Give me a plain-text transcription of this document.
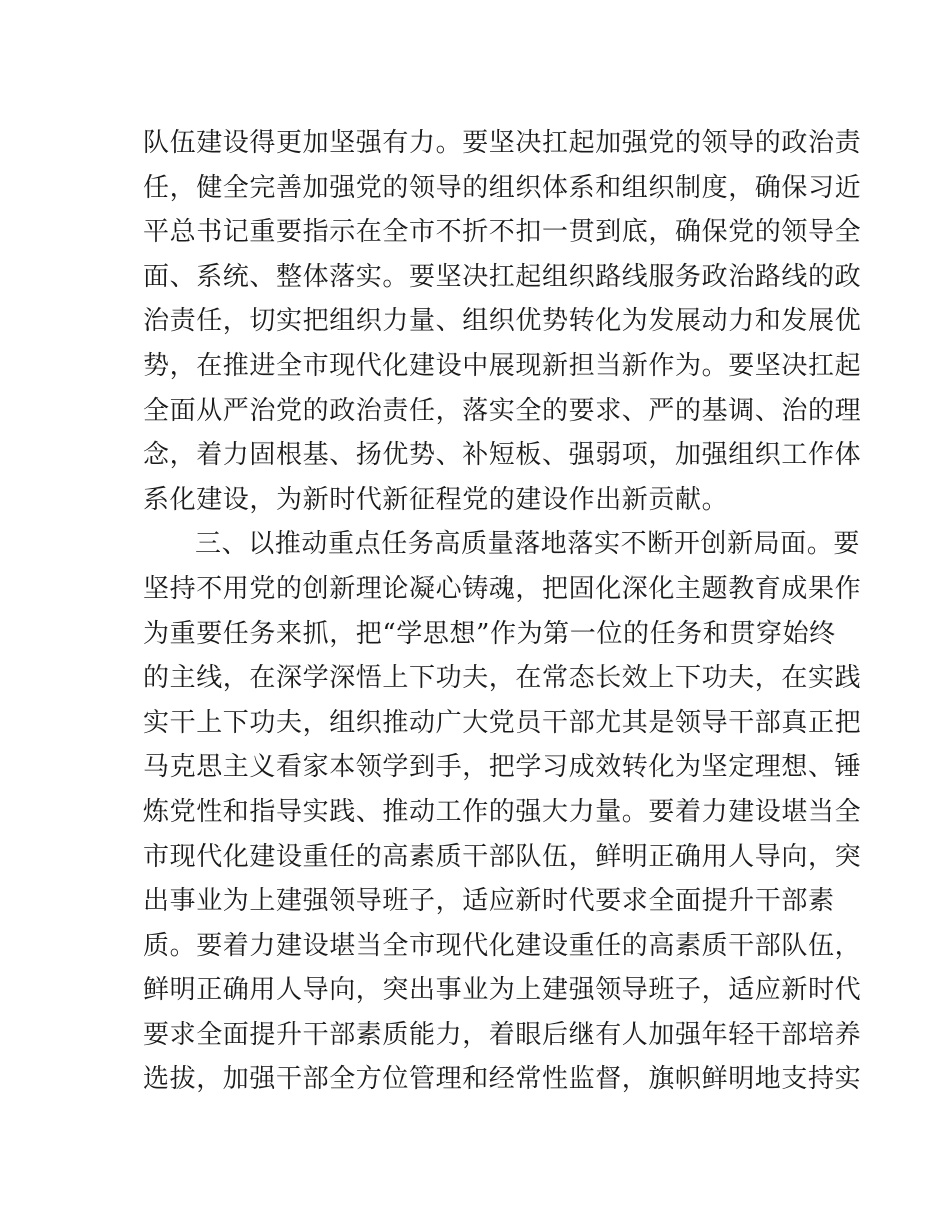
队伍建设得更加坚强有力。要坚决扛起加强党的领导的政治责
任，健全完善加强党的领导的组织体系和组织制度，确保习近
平总书记重要指示在全市不折不扣一贯到底，确保党的领导全
面、系统、整体落实。要坚决扛起组织路线服务政治路线的政
治责任，切实把组织力量、组织优势转化为发展动力和发展优
势，在推进全市现代化建设中展现新担当新作为。要坚决扛起
全面从严治党的政治责任，落实全的要求、严的基调、治的理
念，着力固根基、扬优势、补短板、强弱项，加强组织工作体
系化建设，为新时代新征程党的建设作出新贡献。
三、以推动重点任务高质量落地落实不断开创新局面。要
坚持不用党的创新理论凝心铸魂，把固化深化主题教育成果作
为重要任务来抓，把“学思想”作为第一位的任务和贯穿始终
的主线，在深学深悟上下功夫，在常态长效上下功夫，在实践
实干上下功夫，组织推动广大党员干部尤其是领导干部真正把
马克思主义看家本领学到手，把学习成效转化为坚定理想、锤
炼党性和指导实践、推动工作的强大力量。要着力建设堪当全
市现代化建设重任的高素质干部队伍，鲜明正确用人导向，突
出事业为上建强领导班子，适应新时代要求全面提升干部素
质。要着力建设堪当全市现代化建设重任的高素质干部队伍，
鲜明正确用人导向，突出事业为上建强领导班子，适应新时代
要求全面提升干部素质能力，着眼后继有人加强年轻干部培养
选拔，加强干部全方位管理和经常性监督，旗帜鲜明地支持实
